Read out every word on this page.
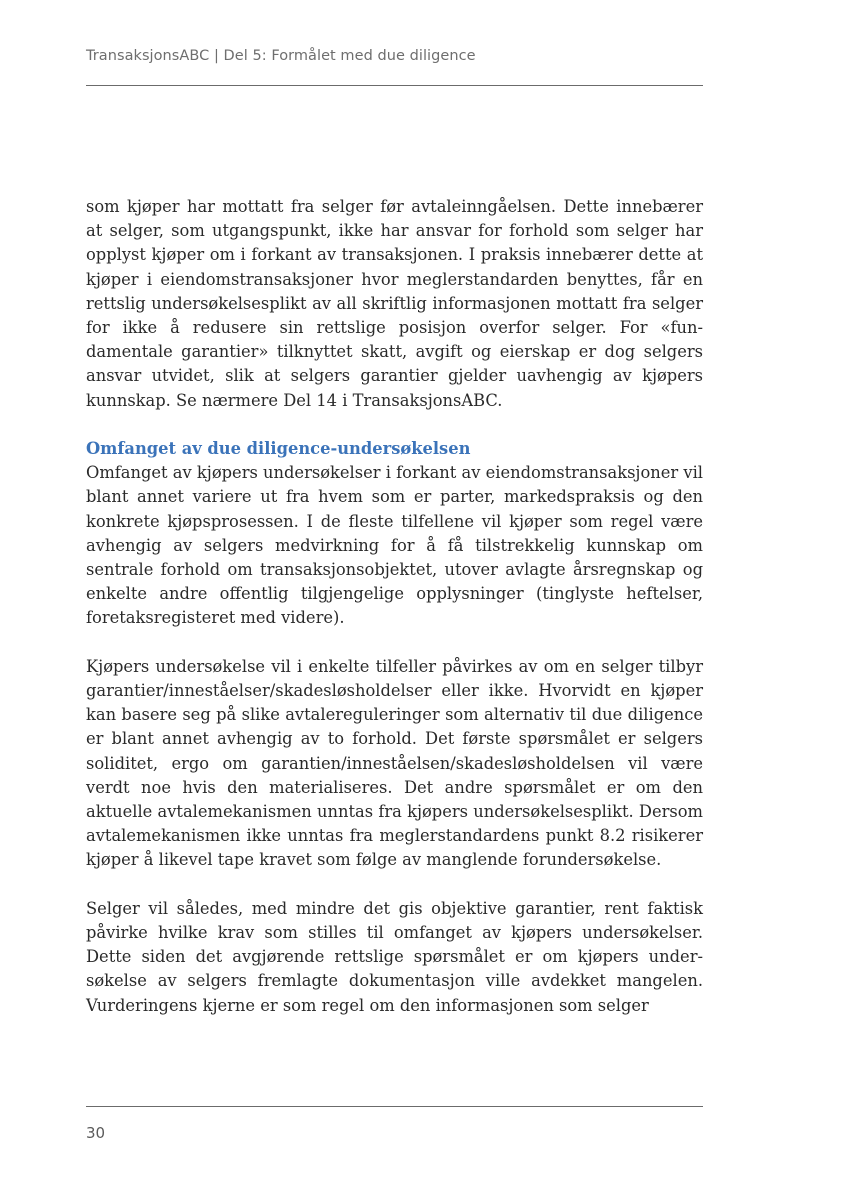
TransaksjonsABC | Del 5: Formålet med due diligence

som kjøper har mottatt fra selger før avtaleinngåelsen. Dette innebærer at selger, som utgangspunkt, ikke har ansvar for forhold som selger har opplyst kjøper om i forkant av transaksjonen. I praksis innebærer dette at kjøper i eiendomstransaksjoner hvor meglerstandarden benyttes, får en rettslig undersøkelsesplikt av all skriftlig informasjonen mottatt fra selger for ikke å redusere sin rettslige posisjon overfor selger. For «fundamentale garantier» tilknyttet skatt, avgift og eierskap er dog selgers ansvar utvidet, slik at selgers garantier gjelder uavhengig av kjøpers kunnskap. Se nærmere Del 14 i TransaksjonsABC.

Omfanget av due diligence-undersøkelsen

Omfanget av kjøpers undersøkelser i forkant av eiendomstransaksjoner vil blant annet variere ut fra hvem som er parter, markedspraksis og den konkrete kjøpsprosessen. I de fleste tilfellene vil kjøper som regel være avhengig av selgers medvirkning for å få tilstrekkelig kunnskap om sentrale forhold om transaksjonsobjektet, utover avlagte årsregnskap og enkelte andre offentlig tilgjengelige opplysninger (tinglyste heftelser, foretaksregisteret med videre).

Kjøpers undersøkelse vil i enkelte tilfeller påvirkes av om en selger tilbyr garantier/inneståelser/skadesløsholdelser eller ikke. Hvorvidt en kjøper kan basere seg på slike avtalereguleringer som alternativ til due diligence er blant annet avhengig av to forhold. Det første spørsmålet er selgers soliditet, ergo om garantien/inneståelsen/skadesløsholdelsen vil være verdt noe hvis den materialiseres. Det andre spørsmålet er om den aktuelle avtalemekanismen unntas fra kjøpers undersøkelsesplikt. Dersom avtalemekanismen ikke unntas fra meglerstandardens punkt 8.2 risikerer kjøper å likevel tape kravet som følge av manglende forundersøkelse.

Selger vil således, med mindre det gis objektive garantier, rent faktisk påvirke hvilke krav som stilles til omfanget av kjøpers undersøkelser. Dette siden det avgjørende rettslige spørsmålet er om kjøpers undersøkelse av selgers fremlagte dokumentasjon ville avdekket mangelen. Vurderingens kjerne er som regel om den informasjonen som selger

30
